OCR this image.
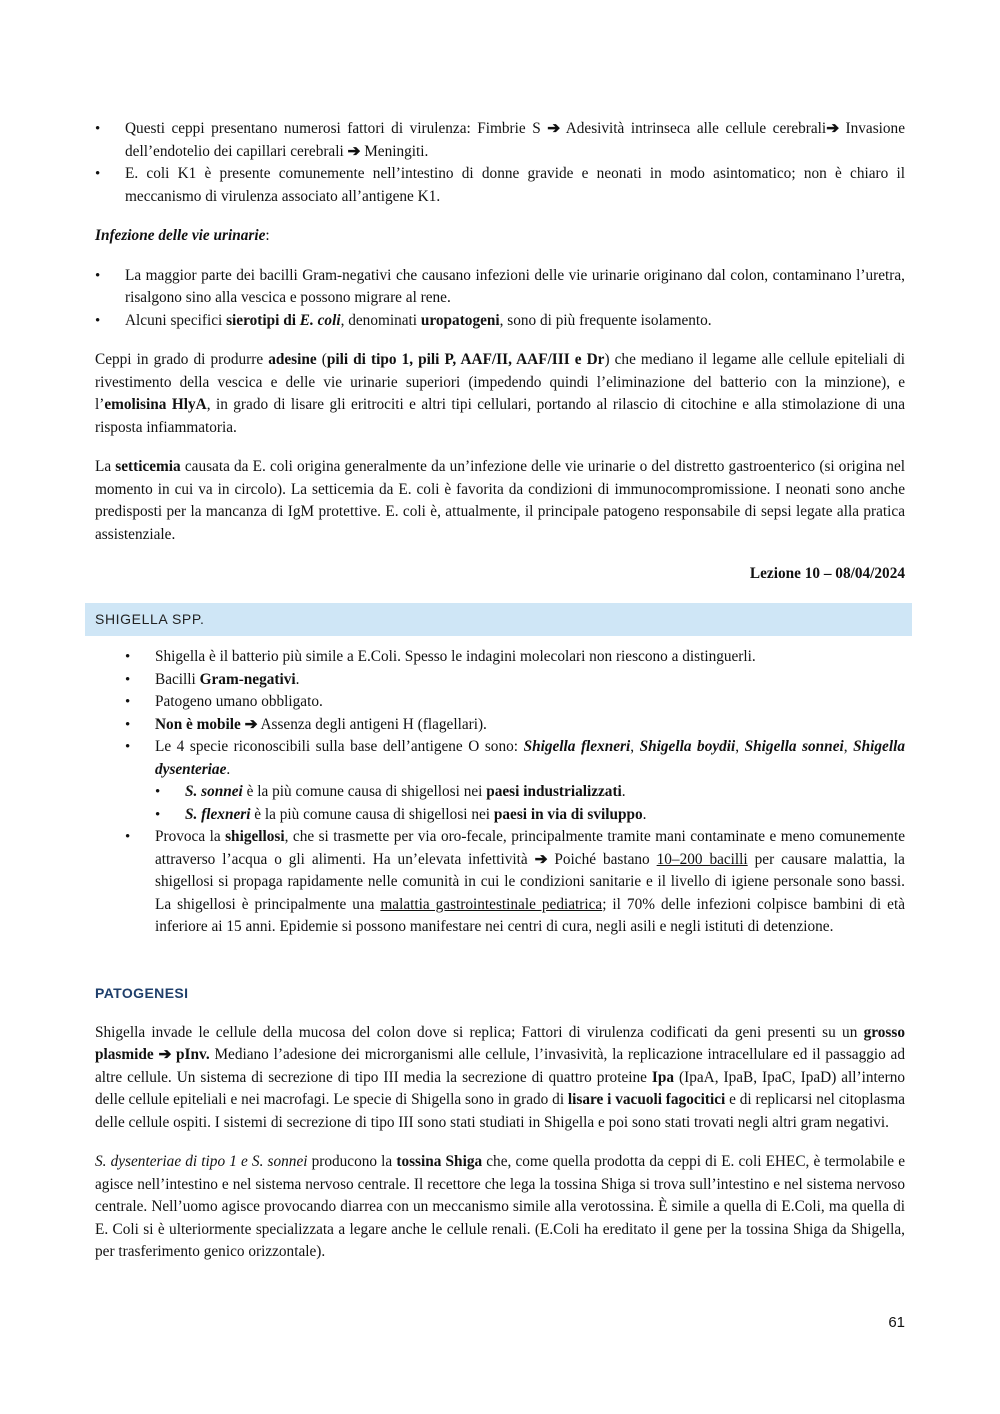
• Questi ceppi presentano numerosi fattori di virulenza: Fimbrie S ➔ Adesività intrinseca alle cellule cerebrali➔ Invasione dell’endotelio dei capillari cerebrali ➔ Meningiti.
• E. coli K1 è presente comunemente nell’intestino di donne gravide e neonati in modo asintomatico; non è chiaro il meccanismo di virulenza associato all’antigene K1.

Infezione delle vie urinarie:

• La maggior parte dei bacilli Gram-negativi che causano infezioni delle vie urinarie originano dal colon, contaminano l’uretra, risalgono sino alla vescica e possono migrare al rene.
• Alcuni specifici sierotipi di E. coli, denominati uropatogeni, sono di più frequente isolamento.

Ceppi in grado di produrre adesine (pili di tipo 1, pili P, AAF/II, AAF/III e Dr) che mediano il legame alle cellule epiteliali di rivestimento della vescica e delle vie urinarie superiori (impedendo quindi l’eliminazione del batterio con la minzione), e l’emolisina HlyA, in grado di lisare gli eritrociti e altri tipi cellulari, portando al rilascio di citochine e alla stimolazione di una risposta infiammatoria.

La setticemia causata da E. coli origina generalmente da un’infezione delle vie urinarie o del distretto gastroenterico (si origina nel momento in cui va in circolo). La setticemia da E. coli è favorita da condizioni di immunocompromissione. I neonati sono anche predisposti per la mancanza di IgM protettive. E. coli è, attualmente, il principale patogeno responsabile di sepsi legate alla pratica assistenziale.

Lezione 10 – 08/04/2024

SHIGELLA SPP.
• Shigella è il batterio più simile a E.Coli. Spesso le indagini molecolari non riescono a distinguerli.
• Bacilli Gram-negativi.
• Patogeno umano obbligato.
• Non è mobile ➔ Assenza degli antigeni H (flagellari).
• Le 4 specie riconoscibili sulla base dell’antigene O sono: Shigella flexneri, Shigella boydii, Shigella sonnei, Shigella dysenteriae.
• S. sonnei è la più comune causa di shigellosi nei paesi industrializzati.
• S. flexneri è la più comune causa di shigellosi nei paesi in via di sviluppo.
• Provoca la shigellosi, che si trasmette per via oro-fecale, principalmente tramite mani contaminate e meno comunemente attraverso l’acqua o gli alimenti. Ha un’elevata infettività ➔ Poiché bastano 10–200 bacilli per causare malattia, la shigellosi si propaga rapidamente nelle comunità in cui le condizioni sanitarie e il livello di igiene personale sono bassi. La shigellosi è principalmente una malattia gastrointestinale pediatrica; il 70% delle infezioni colpisce bambini di età inferiore ai 15 anni. Epidemie si possono manifestare nei centri di cura, negli asili e negli istituti di detenzione.

PATOGENESI

Shigella invade le cellule della mucosa del colon dove si replica; Fattori di virulenza codificati da geni presenti su un grosso plasmide ➔ pInv. Mediano l’adesione dei microrganismi alle cellule, l’invasività, la replicazione intracellulare ed il passaggio ad altre cellule. Un sistema di secrezione di tipo III media la secrezione di quattro proteine Ipa (IpaA, IpaB, IpaC, IpaD) all’interno delle cellule epiteliali e nei macrofagi. Le specie di Shigella sono in grado di lisare i vacuoli fagocitici e di replicarsi nel citoplasma delle cellule ospiti. I sistemi di secrezione di tipo III sono stati studiati in Shigella e poi sono stati trovati negli altri gram negativi.

S. dysenteriae di tipo 1 e S. sonnei producono la tossina Shiga che, come quella prodotta da ceppi di E. coli EHEC, è termolabile e agisce nell’intestino e nel sistema nervoso centrale. Il recettore che lega la tossina Shiga si trova sull’intestino e nel sistema nervoso centrale. Nell’uomo agisce provocando diarrea con un meccanismo simile alla verotossina. È simile a quella di E.Coli, ma quella di E. Coli si è ulteriormente specializzata a legare anche le cellule renali. (E.Coli ha ereditato il gene per la tossina Shiga da Shigella, per trasferimento genico orizzontale).

61
